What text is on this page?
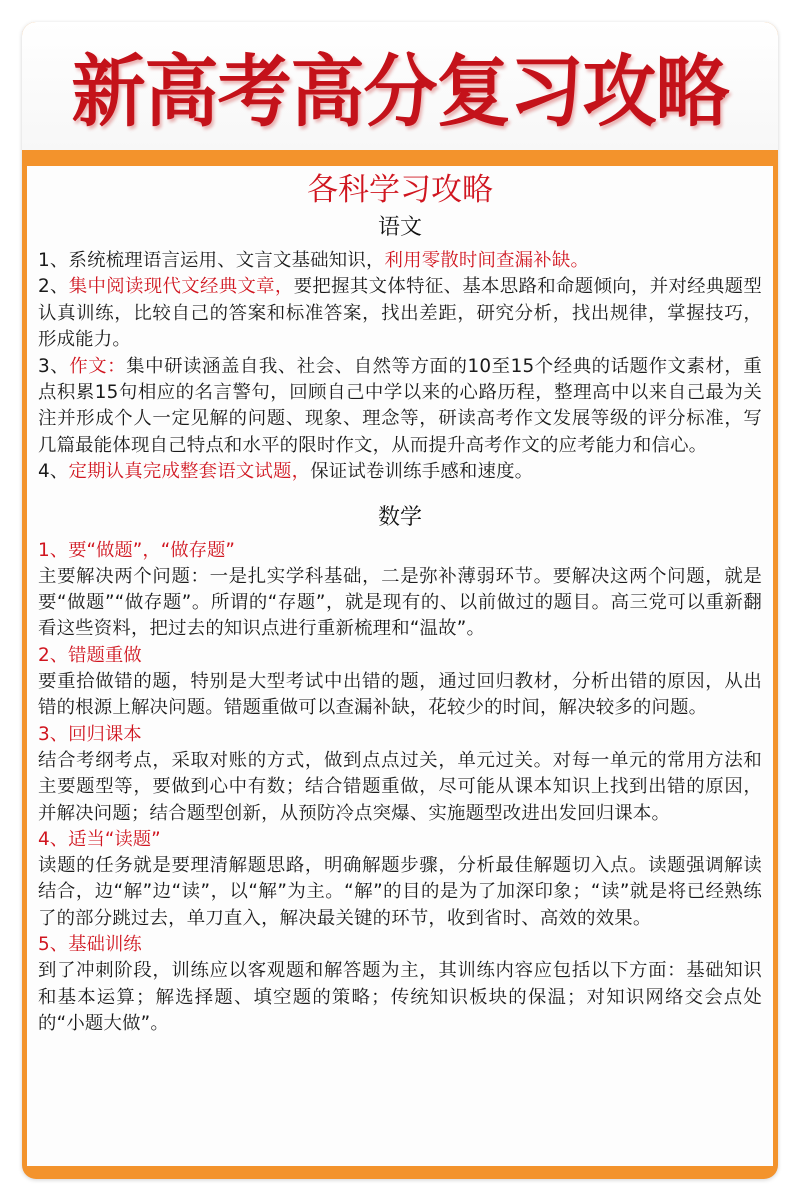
新高考高分复习攻略
各科学习攻略
语文

1、系统梳理语言运用、文言文基础知识，利用零散时间查漏补缺。

2、集中阅读现代文经典文章，要把握其文体特征、基本思路和命题倾向，并对经典题型认真训练，比较自己的答案和标准答案，找出差距，研究分析，找出规律，掌握技巧，形成能力。

3、作文：集中研读涵盖自我、社会、自然等方面的10至15个经典的话题作文素材，重点积累15句相应的名言警句，回顾自己中学以来的心路历程，整理高中以来自己最为关注并形成个人一定见解的问题、现象、理念等，研读高考作文发展等级的评分标准，写几篇最能体现自己特点和水平的限时作文，从而提升高考作文的应考能力和信心。

4、定期认真完成整套语文试题，保证试卷训练手感和速度。

数学
1、要“做题”，“做存题”

主要解决两个问题：一是扎实学科基础，二是弥补薄弱环节。要解决这两个问题，就是要“做题”“做存题”。所谓的“存题”，就是现有的、以前做过的题目。高三党可以重新翻看这些资料，把过去的知识点进行重新梳理和“温故”。

2、错题重做

要重拾做错的题，特别是大型考试中出错的题，通过回归教材，分析出错的原因，从出错的根源上解决问题。错题重做可以查漏补缺，花较少的时间，解决较多的问题。

3、回归课本

结合考纲考点，采取对账的方式，做到点点过关，单元过关。对每一单元的常用方法和主要题型等，要做到心中有数；结合错题重做，尽可能从课本知识上找到出错的原因，并解决问题；结合题型创新，从预防冷点突爆、实施题型改进出发回归课本。

4、适当“读题”

读题的任务就是要理清解题思路，明确解题步骤，分析最佳解题切入点。读题强调解读结合，边“解”边“读”，以“解”为主。“解”的目的是为了加深印象；“读”就是将已经熟练了的部分跳过去，单刀直入，解决最关键的环节，收到省时、高效的效果。

5、基础训练

到了冲刺阶段，训练应以客观题和解答题为主，其训练内容应包括以下方面：基础知识和基本运算；解选择题、填空题的策略；传统知识板块的保温；对知识网络交会点处的“小题大做”。
